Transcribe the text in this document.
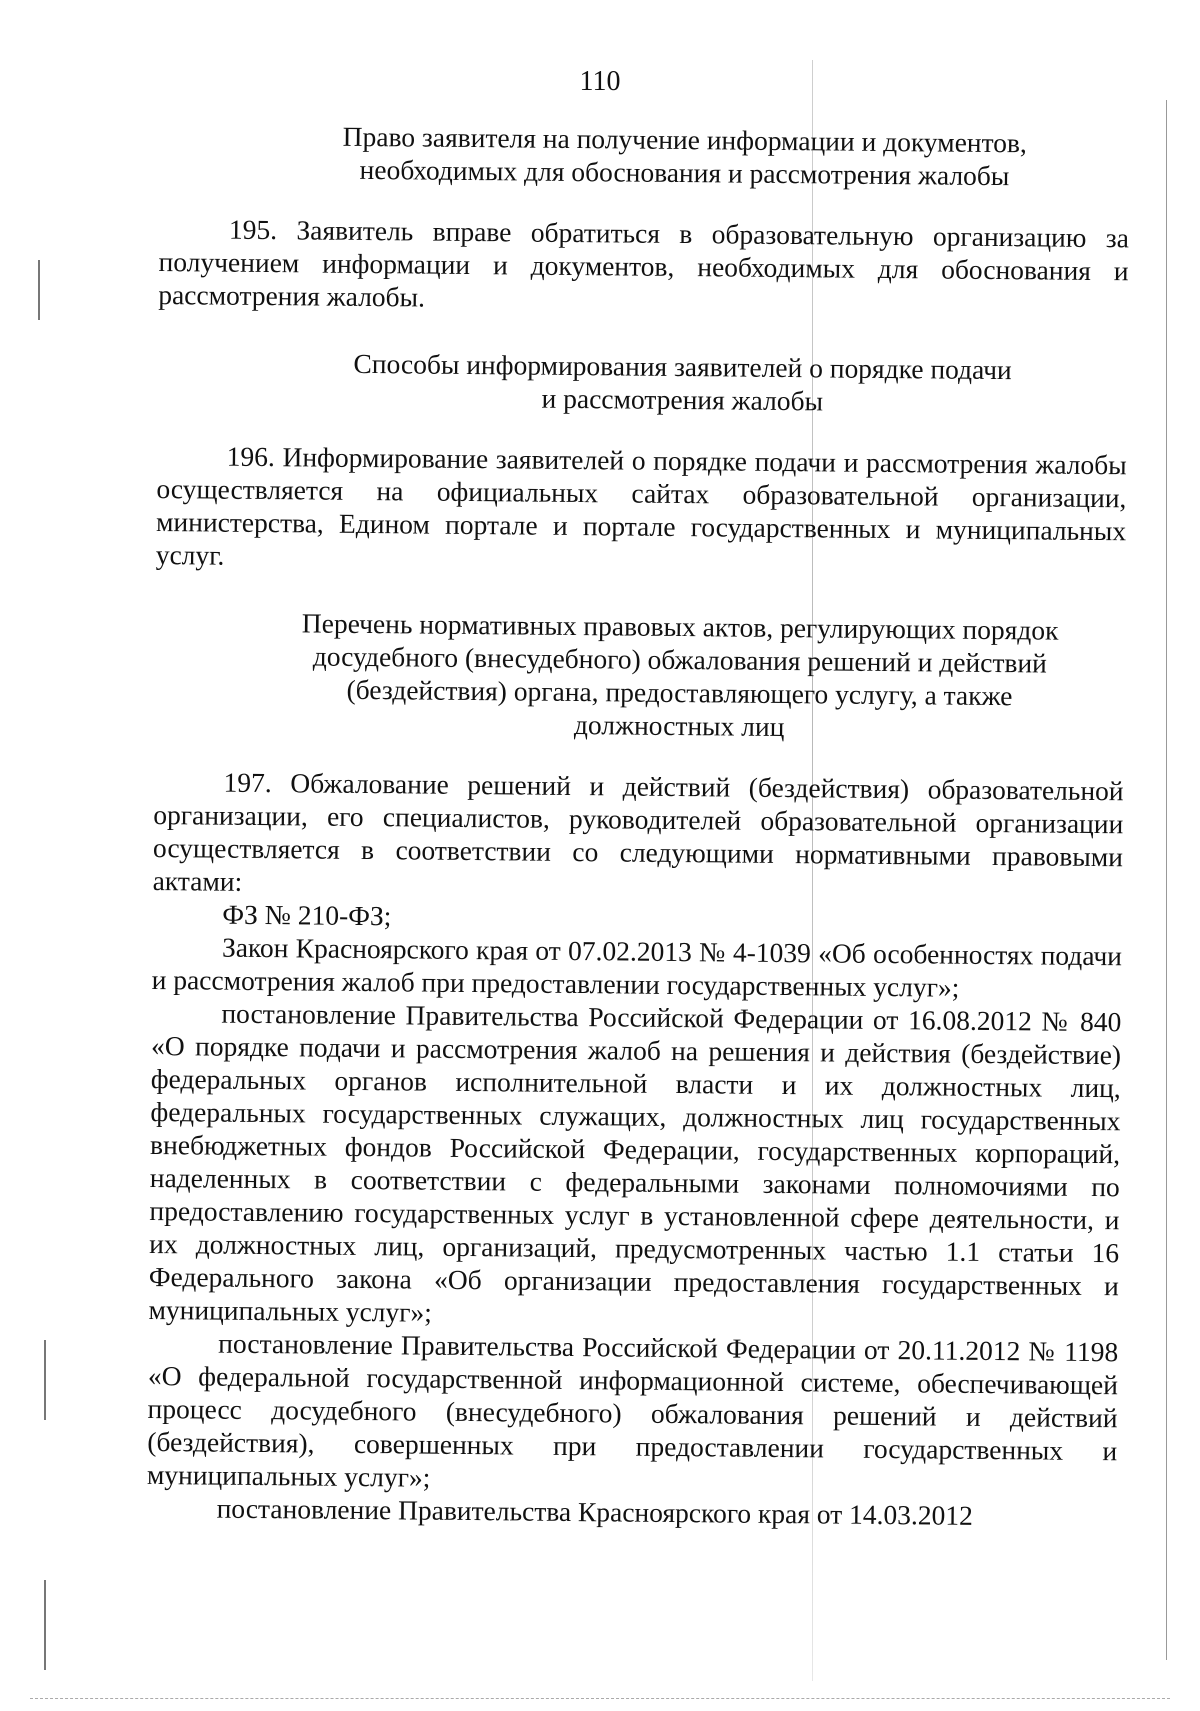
110
Право заявителя на получение информации и документов,
необходимых для обоснования и рассмотрения жалобы

195. Заявитель вправе обратиться в образовательную организацию за получением информации и документов, необходимых для обоснования и рассмотрения жалобы.

Способы информирования заявителей о порядке подачи
и рассмотрения жалобы

196. Информирование заявителей о порядке подачи и рассмотрения жалобы осуществляется на официальных сайтах образовательной организации, министерства, Едином портале и портале государственных и муниципальных услуг.

Перечень нормативных правовых актов, регулирующих порядок
досудебного (внесудебного) обжалования решений и действий
(бездействия) органа, предоставляющего услугу, а также
должностных лиц

197. Обжалование решений и действий (бездействия) образовательной организации, его специалистов, руководителей образовательной организации осуществляется в соответствии со следующими нормативными правовыми актами:

ФЗ № 210-ФЗ;

Закон Красноярского края от 07.02.2013 № 4-1039 «Об особенностях подачи и рассмотрения жалоб при предоставлении государственных услуг»;

постановление Правительства Российской Федерации от 16.08.2012 № 840 «О порядке подачи и рассмотрения жалоб на решения и действия (бездействие) федеральных органов исполнительной власти и их должностных лиц, федеральных государственных служащих, должностных лиц государственных внебюджетных фондов Российской Федерации, государственных корпораций, наделенных в соответствии с федеральными законами полномочиями по предоставлению государственных услуг в установленной сфере деятельности, и их должностных лиц, организаций, предусмотренных частью 1.1 статьи 16 Федерального закона «Об организации предоставления государственных и муниципальных услуг»;

постановление Правительства Российской Федерации от 20.11.2012 № 1198 «О федеральной государственной информационной системе, обеспечивающей процесс досудебного (внесудебного) обжалования решений и действий (бездействия), совершенных при предоставлении государственных и муниципальных услуг»;

постановление Правительства Красноярского края от 14.03.2012
